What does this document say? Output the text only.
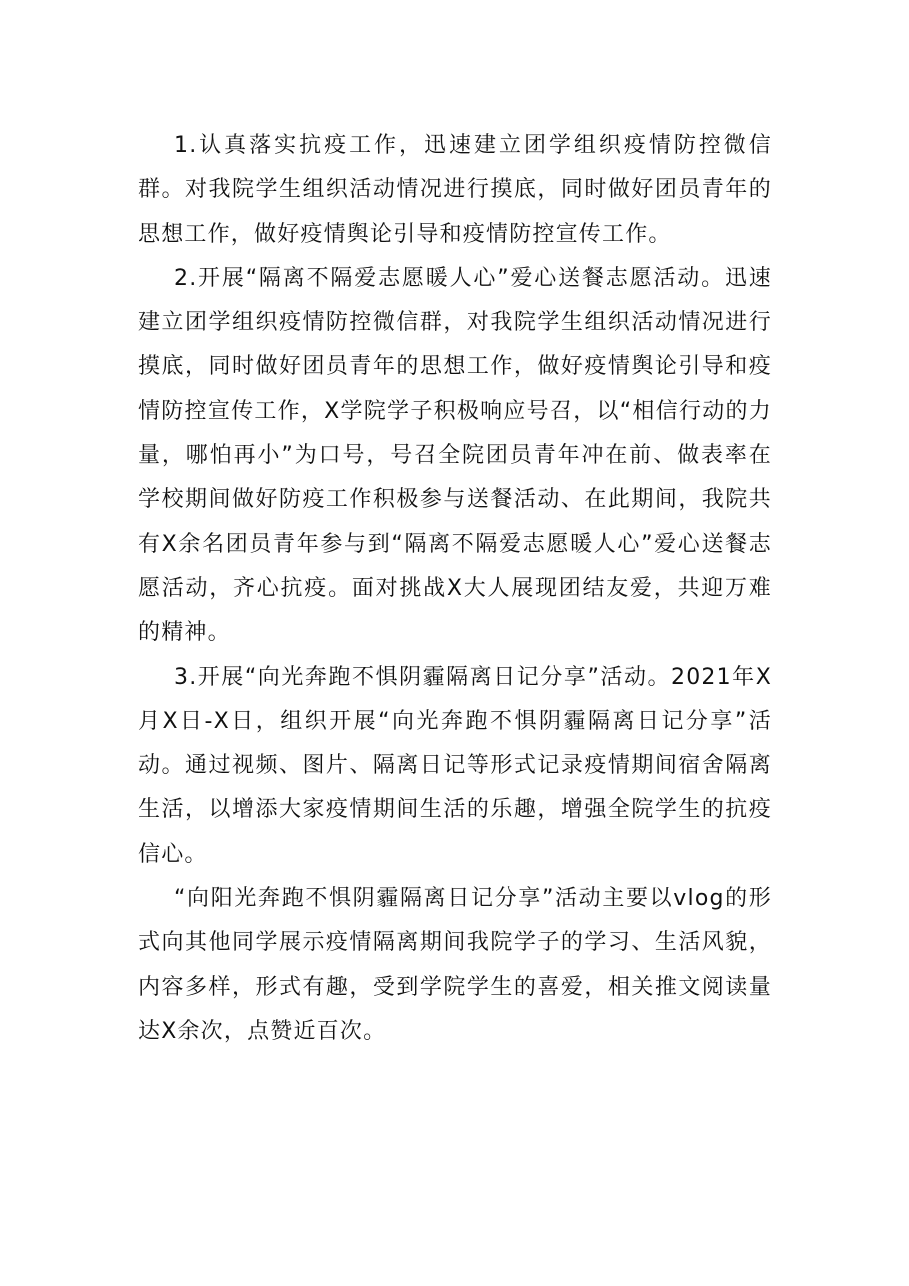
1.认真落实抗疫工作，迅速建立团学组织疫情防控微信群。对我院学生组织活动情况进行摸底，同时做好团员青年的思想工作，做好疫情舆论引导和疫情防控宣传工作。

2.开展“隔离不隔爱志愿暖人心”爱心送餐志愿活动。迅速建立团学组织疫情防控微信群，对我院学生组织活动情况进行摸底，同时做好团员青年的思想工作，做好疫情舆论引导和疫情防控宣传工作，X学院学子积极响应号召，以“相信行动的力量，哪怕再小”为口号，号召全院团员青年冲在前、做表率在学校期间做好防疫工作积极参与送餐活动、在此期间，我院共有X余名团员青年参与到“隔离不隔爱志愿暖人心”爱心送餐志愿活动，齐心抗疫。面对挑战X大人展现团结友爱，共迎万难的精神。

3.开展“向光奔跑不惧阴霾隔离日记分享”活动。2021年X月X日-X日，组织开展“向光奔跑不惧阴霾隔离日记分享”活动。通过视频、图片、隔离日记等形式记录疫情期间宿舍隔离生活，以增添大家疫情期间生活的乐趣，增强全院学生的抗疫信心。

“向阳光奔跑不惧阴霾隔离日记分享”活动主要以vlog的形式向其他同学展示疫情隔离期间我院学子的学习、生活风貌，内容多样，形式有趣，受到学院学生的喜爱，相关推文阅读量达X余次，点赞近百次。
